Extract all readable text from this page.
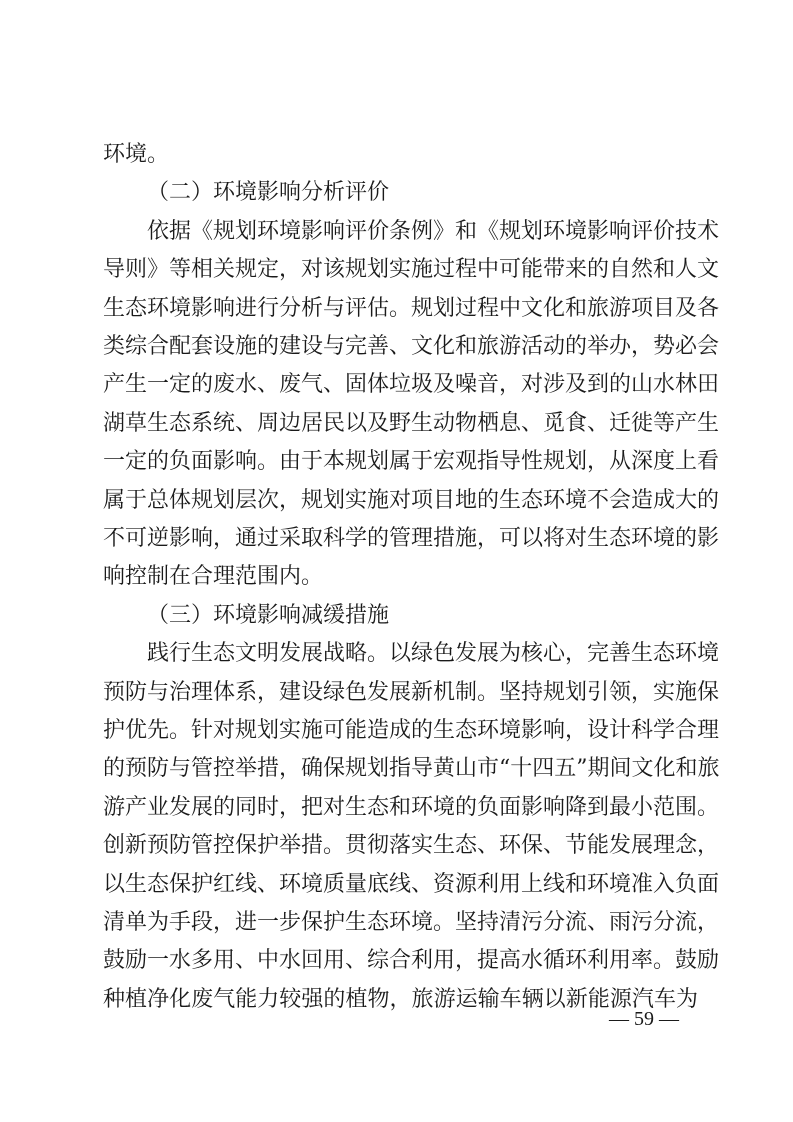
环境。
（二）环境影响分析评价
依据《规划环境影响评价条例》和《规划环境影响评价技术
导则》等相关规定，对该规划实施过程中可能带来的自然和人文
生态环境影响进行分析与评估。规划过程中文化和旅游项目及各
类综合配套设施的建设与完善、文化和旅游活动的举办，势必会
产生一定的废水、废气、固体垃圾及噪音，对涉及到的山水林田
湖草生态系统、周边居民以及野生动物栖息、觅食、迁徙等产生
一定的负面影响。由于本规划属于宏观指导性规划，从深度上看
属于总体规划层次，规划实施对项目地的生态环境不会造成大的
不可逆影响，通过采取科学的管理措施，可以将对生态环境的影
响控制在合理范围内。
（三）环境影响减缓措施
践行生态文明发展战略。以绿色发展为核心，完善生态环境
预防与治理体系，建设绿色发展新机制。坚持规划引领，实施保
护优先。针对规划实施可能造成的生态环境影响，设计科学合理
的预防与管控举措，确保规划指导黄山市“十四五”期间文化和旅
游产业发展的同时，把对生态和环境的负面影响降到最小范围。
创新预防管控保护举措。贯彻落实生态、环保、节能发展理念，
以生态保护红线、环境质量底线、资源利用上线和环境准入负面
清单为手段，进一步保护生态环境。坚持清污分流、雨污分流，
鼓励一水多用、中水回用、综合利用，提高水循环利用率。鼓励
种植净化废气能力较强的植物，旅游运输车辆以新能源汽车为
— 59 —
